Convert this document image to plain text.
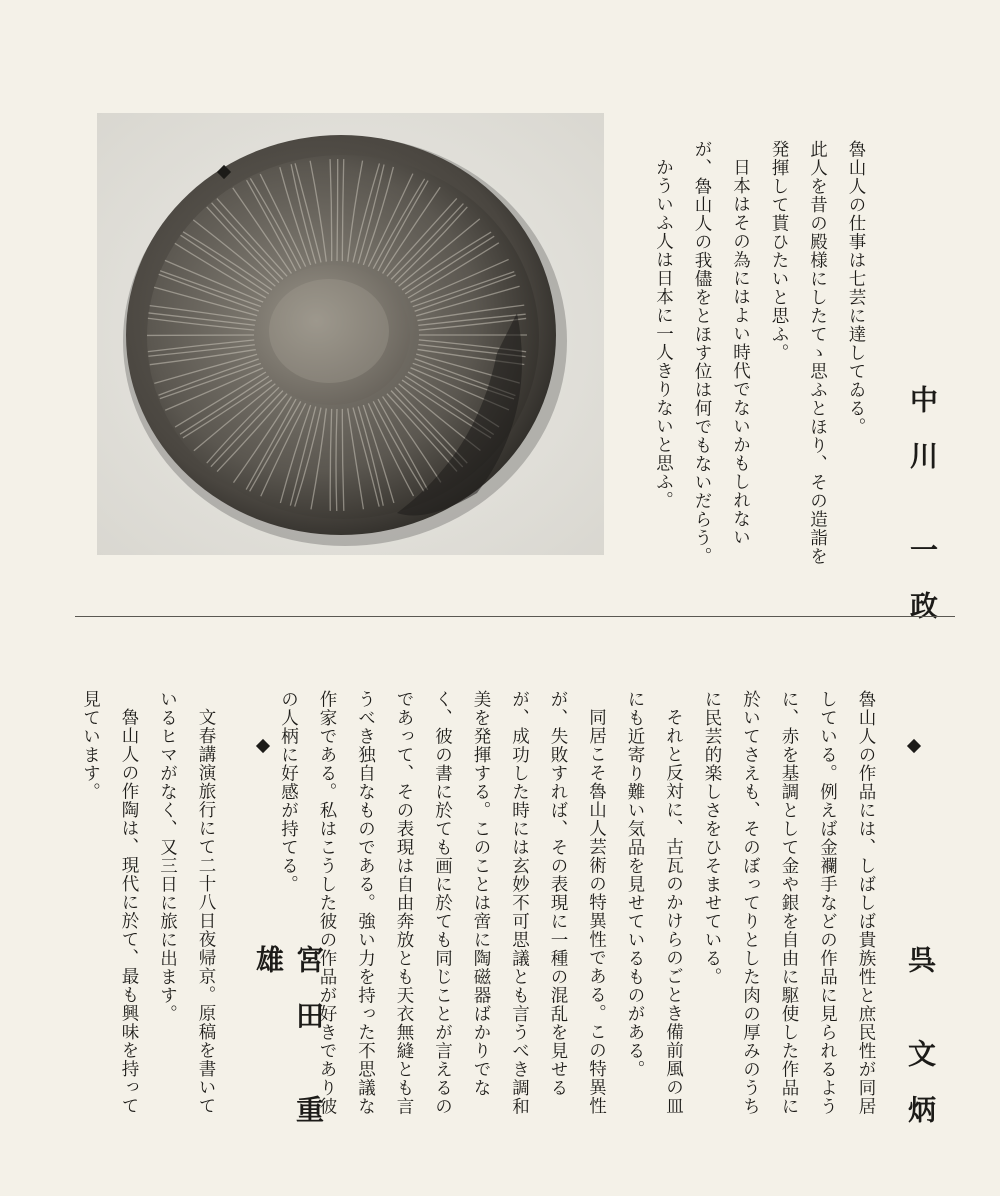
中川 一政

魯山人の仕事は七芸に達してゐる。

此人を昔の殿様にしたてゝ思ふとほり、その造詣を発揮して貰ひたいと思ふ。

日本はその為にはよい時代でないかもしれないが、魯山人の我儘をとほす位は何でもないだらう。

かういふ人は日本に一人きりないと思ふ。

呉 文炳

魯山人の作品には、しばしば貴族性と庶民性が同居している。例えば金襴手などの作品に見られるように、赤を基調として金や銀を自由に駆使した作品に於いてさえも、そのぼってりとした肉の厚みのうちに民芸的楽しさをひそませている。

それと反対に、古瓦のかけらのごとき備前風の皿にも近寄り難い気品を見せているものがある。

同居こそ魯山人芸術の特異性である。この特異性が、失敗すれば、その表現に一種の混乱を見せるが、成功した時には玄妙不可思議とも言うべき調和美を発揮する。このことは啻に陶磁器ばかりでなく、彼の書に於ても画に於ても同じことが言えるのであって、その表現は自由奔放とも天衣無縫とも言うべき独自なものである。強い力を持った不思議な作家である。私はこうした彼の作品が好きであり彼の人柄に好感が持てる。

宮田 重雄

文春講演旅行にて二十八日夜帰京。原稿を書いているヒマがなく、又三日に旅に出ます。

魯山人の作陶は、現代に於て、最も興味を持って見ています。
